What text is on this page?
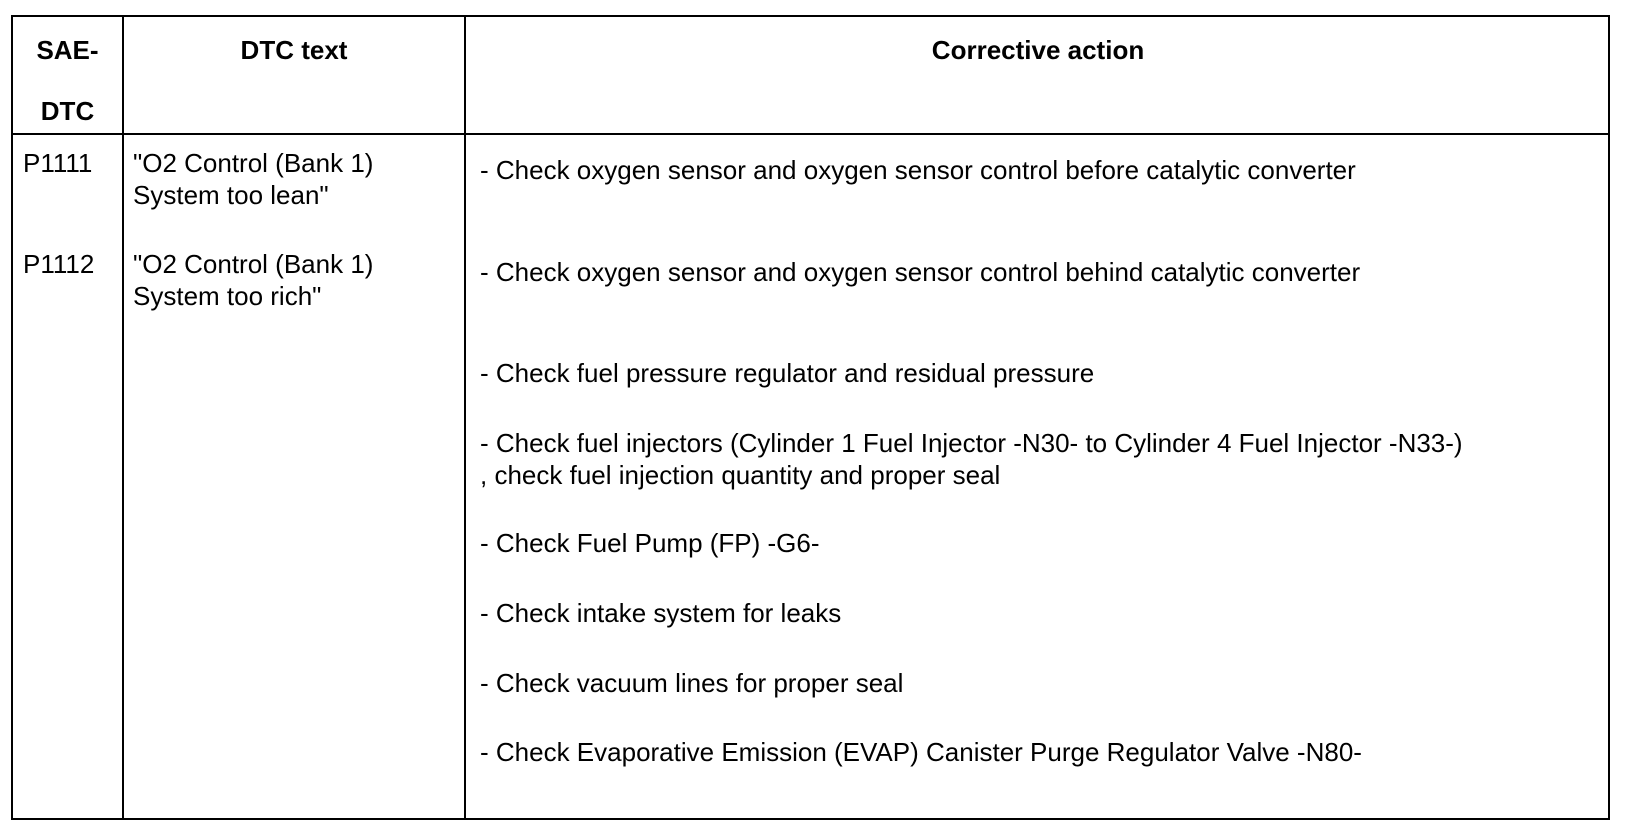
SAE-
DTC
DTC text	Corrective action
P1111 "O2 Control (Bank 1)
System too lean"
P1112 "O2 Control (Bank 1)
System too rich"
- Check oxygen sensor and oxygen sensor control before catalytic converter
- Check oxygen sensor and oxygen sensor control behind catalytic converter
- Check fuel pressure regulator and residual pressure
- Check fuel injectors (Cylinder 1 Fuel Injector -N30- to Cylinder 4 Fuel Injector -N33-)
, check fuel injection quantity and proper seal
- Check Fuel Pump (FP) -G6-
- Check intake system for leaks
- Check vacuum lines for proper seal
- Check Evaporative Emission (EVAP) Canister Purge Regulator Valve -N80-
